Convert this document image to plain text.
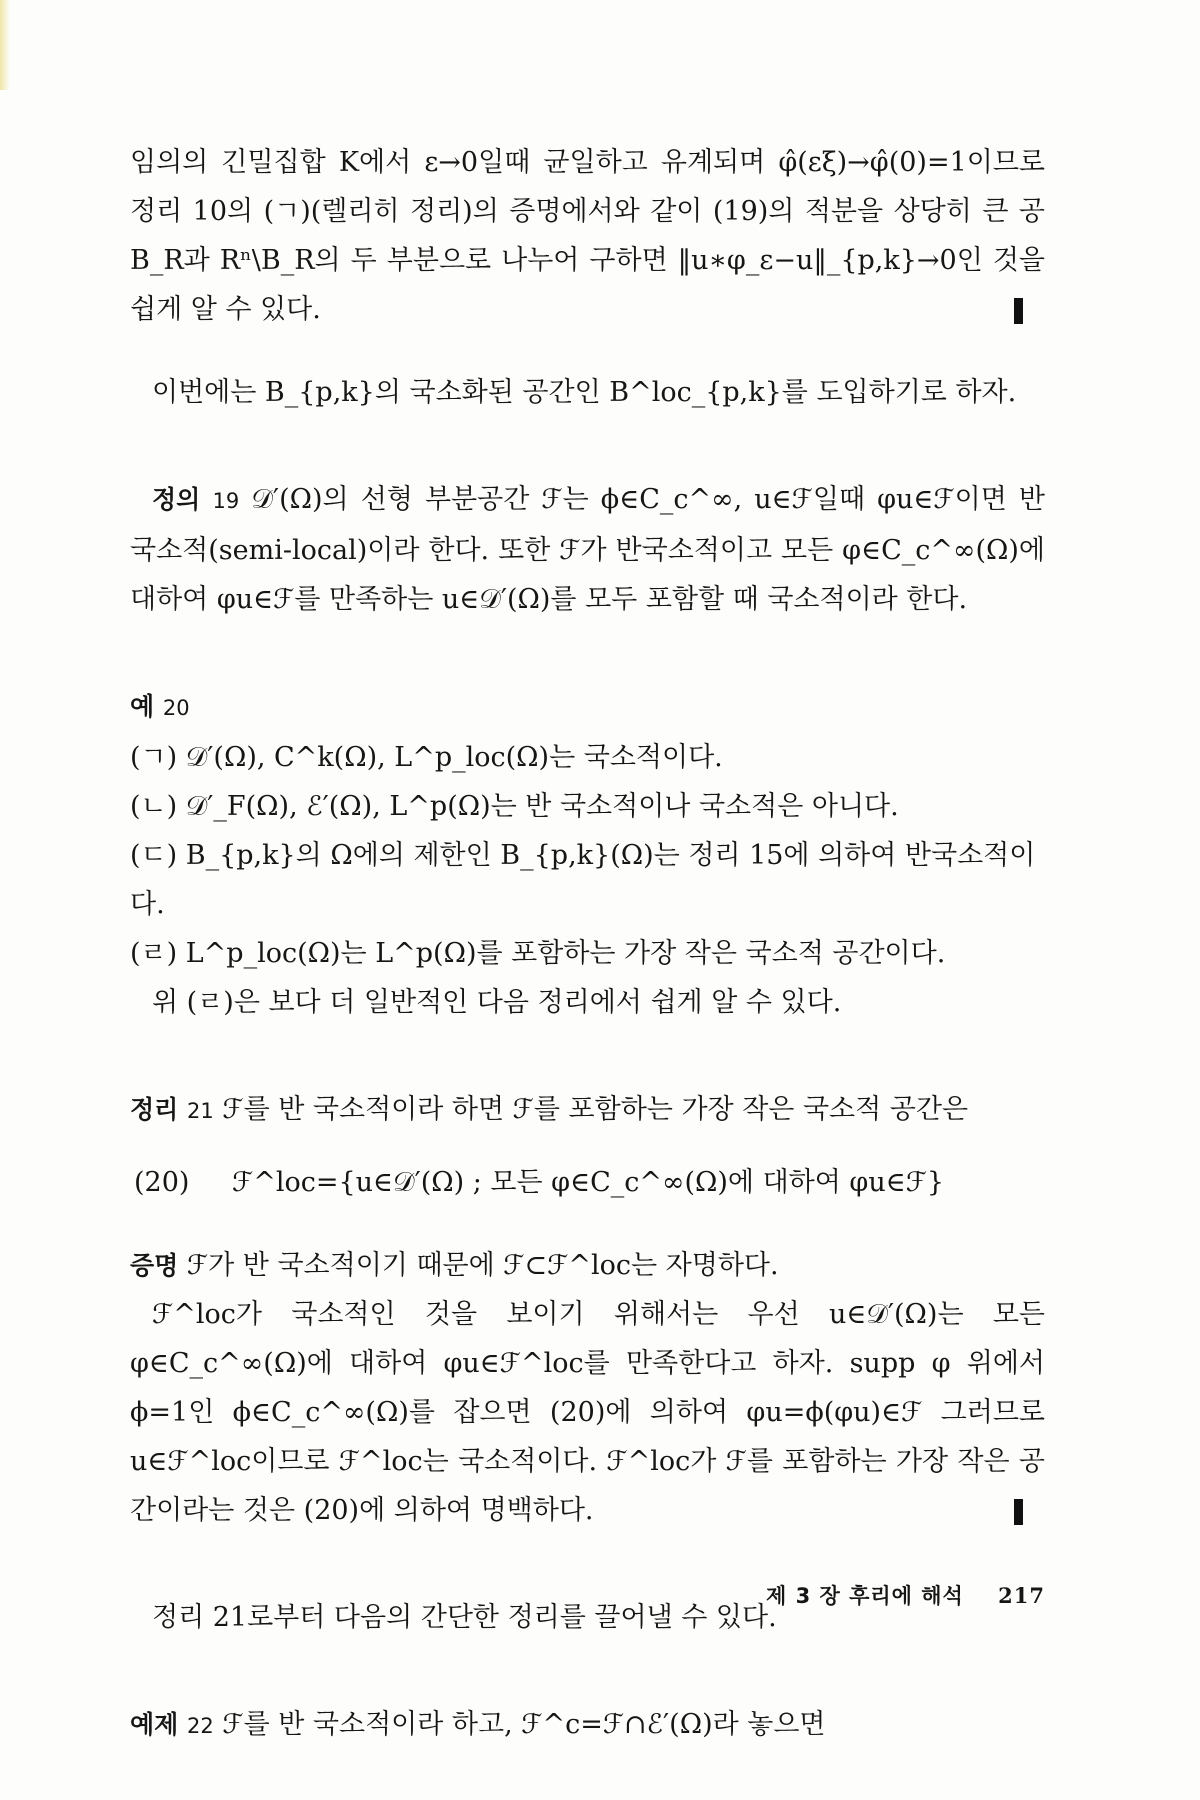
임의의 긴밀집합 K에서 ε→0일때 균일하고 유계되며 φ̂(εξ)→φ̂(0)=1이므로 정리 10의 (ㄱ)(렐리히 정리)의 증명에서와 같이 (19)의 적분을 상당히 큰 공 B_R과 Rⁿ\B_R의 두 부분으로 나누어 구하면 ‖u∗φ_ε−u‖_{p,k}→0인 것을 쉽게 알 수 있다.

이번에는 B_{p,k}의 국소화된 공간인 B^loc_{p,k}를 도입하기로 하자.

정의 19 𝒟′(Ω)의 선형 부분공간 ℱ는 ϕ∈C_c^∞, u∈ℱ일때 φu∈ℱ이면 반 국소적(semi-local)이라 한다. 또한 ℱ가 반국소적이고 모든 φ∈C_c^∞(Ω)에 대하여 φu∈ℱ를 만족하는 u∈𝒟′(Ω)를 모두 포함할 때 국소적이라 한다.

예 20

(ㄱ) 𝒟′(Ω), C^k(Ω), L^p_loc(Ω)는 국소적이다.

(ㄴ) 𝒟′_F(Ω), ℰ′(Ω), L^p(Ω)는 반 국소적이나 국소적은 아니다.

(ㄷ) B_{p,k}의 Ω에의 제한인 B_{p,k}(Ω)는 정리 15에 의하여 반국소적이다.

(ㄹ) L^p_loc(Ω)는 L^p(Ω)를 포함하는 가장 작은 국소적 공간이다.

위 (ㄹ)은 보다 더 일반적인 다음 정리에서 쉽게 알 수 있다.

정리 21 ℱ를 반 국소적이라 하면 ℱ를 포함하는 가장 작은 국소적 공간은

(20)	ℱ^loc={u∈𝒟′(Ω) ; 모든 φ∈C_c^∞(Ω)에 대하여 φu∈ℱ}

증명 ℱ가 반 국소적이기 때문에 ℱ⊂ℱ^loc는 자명하다.

ℱ^loc가 국소적인 것을 보이기 위해서는 우선 u∈𝒟′(Ω)는 모든 φ∈C_c^∞(Ω)에 대하여 φu∈ℱ^loc를 만족한다고 하자. supp φ 위에서 ϕ=1인 ϕ∈C_c^∞(Ω)를 잡으면 (20)에 의하여 φu=ϕ(φu)∈ℱ 그러므로 u∈ℱ^loc이므로 ℱ^loc는 국소적이다. ℱ^loc가 ℱ를 포함하는 가장 작은 공간이라는 것은 (20)에 의하여 명백하다.

정리 21로부터 다음의 간단한 정리를 끌어낼 수 있다.

예제 22 ℱ를 반 국소적이라 하고, ℱ^c=ℱ∩ℰ′(Ω)라 놓으면

제 3 장 후리에 해석 217
